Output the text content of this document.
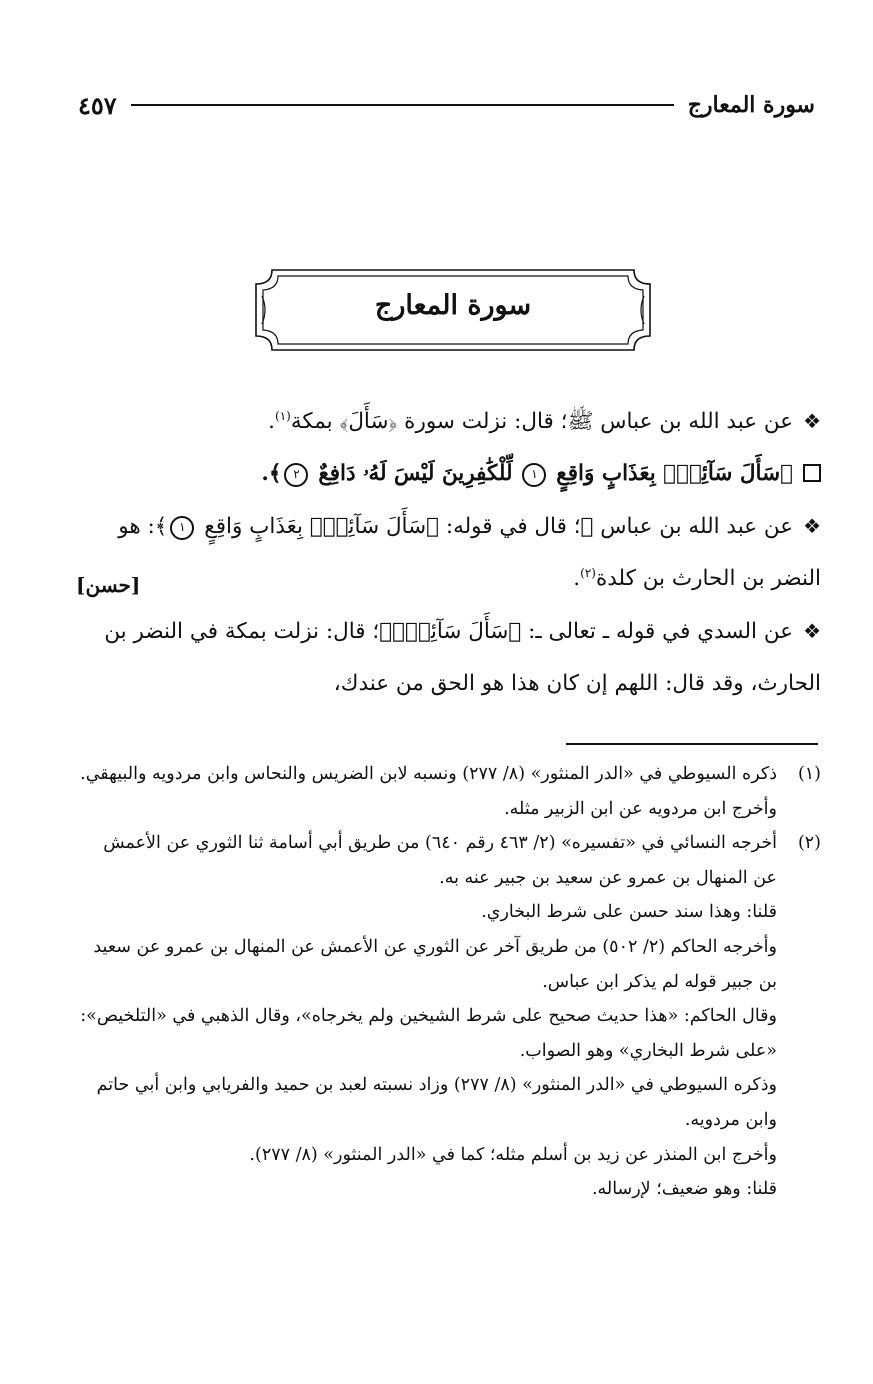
سورة المعارج
٤٥٧
سورة المعارج

❖عن عبد الله بن عباس ﷺ؛ قال: نزلت سورة ﴿سَأَلَ﴾ بمكة$^{(١)}$.

﴿سَأَلَ سَآئِلُۢ بِعَذَابٍ وَاقِعٍ ١ لِّلْكَٰفِرِينَ لَيْسَ لَهُۥ دَافِعٌ ٢﴾.

❖عن عبد الله بن عباس ﷺ؛ قال في قوله: ﴿سَأَلَ سَآئِلُۢ بِعَذَابٍ وَاقِعٍ ١﴾: هو النضر بن الحارث بن كلدة$^{(٢)}$.

[حسن]

❖عن السدي في قوله ـ تعالى ـ: ﴿سَأَلَ سَآئِلُۢ﴾؛ قال: نزلت بمكة في النضر بن الحارث، وقد قال: اللهم إن كان هذا هو الحق من عندك،

(١)

ذكره السيوطي في «الدر المنثور» (٨/ ٢٧٧) ونسبه لابن الضريس والنحاس وابن مردويه والبيهقي.

وأخرج ابن مردويه عن ابن الزبير مثله.

(٢)

أخرجه النسائي في «تفسيره» (٢/ ٤٦٣ رقم ٦٤٠) من طريق أبي أسامة ثنا الثوري عن الأعمش عن المنهال بن عمرو عن سعيد بن جبير عنه به.

قلنا: وهذا سند حسن على شرط البخاري.

وأخرجه الحاكم (٢/ ٥٠٢) من طريق آخر عن الثوري عن الأعمش عن المنهال بن عمرو عن سعيد بن جبير قوله لم يذكر ابن عباس.

وقال الحاكم: «هذا حديث صحيح على شرط الشيخين ولم يخرجاه»، وقال الذهبي في «التلخيص»: «على شرط البخاري» وهو الصواب.

وذكره السيوطي في «الدر المنثور» (٨/ ٢٧٧) وزاد نسبته لعبد بن حميد والفريابي وابن أبي حاتم وابن مردويه.

وأخرج ابن المنذر عن زيد بن أسلم مثله؛ كما في «الدر المنثور» (٨/ ٢٧٧).

قلنا: وهو ضعيف؛ لإرساله.
